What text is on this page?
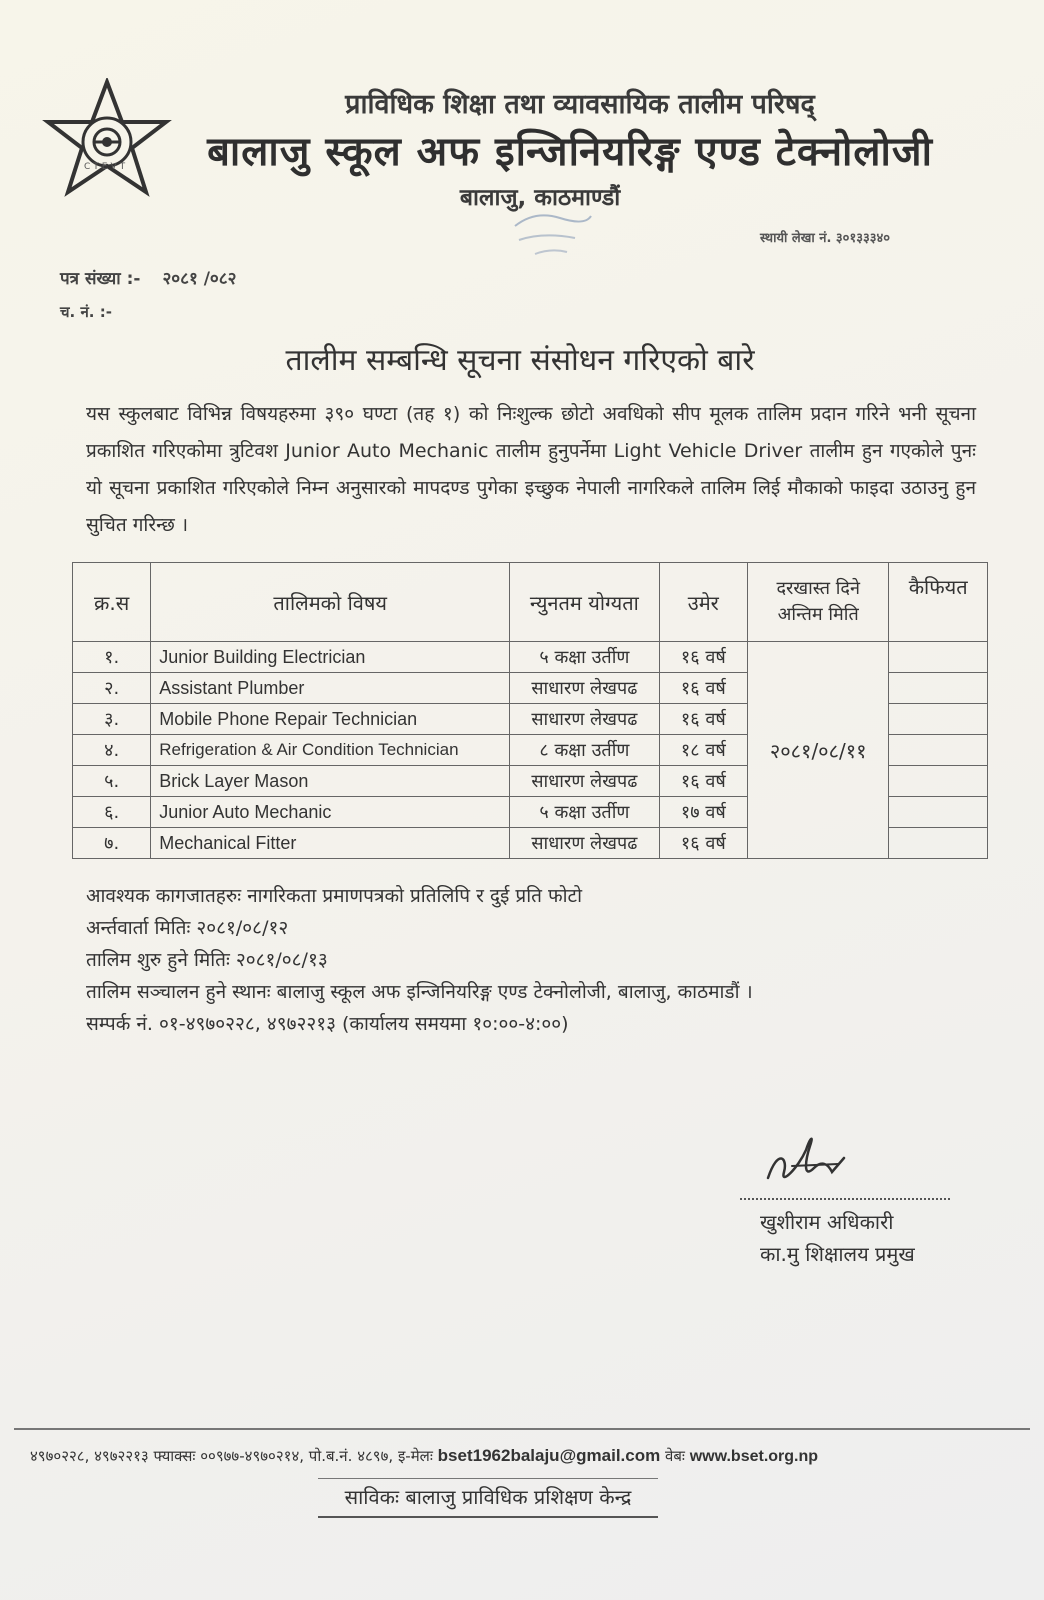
CTEVT
प्राविधिक शिक्षा तथा व्यावसायिक तालीम परिषद्
बालाजु स्कूल अफ इन्जिनियरिङ्ग एण्ड टेक्नोलोजी
बालाजु, काठमाण्डौं
स्थायी लेखा नं. ३०१३३३४०
पत्र संख्या :- २०८१ /०८२
च. नं. :-
तालीम सम्बन्धि सूचना संसोधन गरिएको बारे
यस स्कुलबाट विभिन्न विषयहरुमा ३९० घण्टा (तह १) को निःशुल्क छोटो अवधिको सीप मूलक तालिम प्रदान गरिने भनी सूचना प्रकाशित गरिएकोमा त्रुटिवश Junior Auto Mechanic तालीम हुनुपर्नेमा Light Vehicle Driver तालीम हुन गएकोले पुनः यो सूचना प्रकाशित गरिएकोले निम्न अनुसारको मापदण्ड पुगेका इच्छुक नेपाली नागरिकले तालिम लिई मौकाको फाइदा उठाउनु हुन सुचित गरिन्छ ।
क्र.स	तालिमको विषय	न्युनतम योग्यता	उमेर	दरखास्त दिने
अन्तिम मिति	कैफियत
१.	Junior Building Electrician	५ कक्षा उर्तीण	१६ वर्ष	२०८१/०८/११	
२.	Assistant Plumber	साधारण लेखपढ	१६ वर्ष		
३.	Mobile Phone Repair Technician	साधारण लेखपढ	१६ वर्ष		
४.	Refrigeration & Air Condition Technician	८ कक्षा उर्तीण	१८ वर्ष		
५.	Brick Layer Mason	साधारण लेखपढ	१६ वर्ष		
६.	Junior Auto Mechanic	५ कक्षा उर्तीण	१७ वर्ष		
७.	Mechanical Fitter	साधारण लेखपढ	१६ वर्ष		
आवश्यक कागजातहरुः नागरिकता प्रमाणपत्रको प्रतिलिपि र दुई प्रति फोटो
अर्न्तवार्ता मितिः २०८१/०८/१२
तालिम शुरु हुने मितिः २०८१/०८/१३
तालिम सञ्चालन हुने स्थानः बालाजु स्कूल अफ इन्जिनियरिङ्ग एण्ड टेक्नोलोजी, बालाजु, काठमाडौं ।
सम्पर्क नं. ०१-४९७०२२८, ४९७२२१३ (कार्यालय समयमा १०:००-४:००)
खुशीराम अधिकारी
का.मु शिक्षालय प्रमुख
४९७०२२८, ४९७२२१३ फ्याक्सः ००९७७-४९७०२१४, पो.ब.नं. ४८९७, इ-मेलः bset1962balaju@gmail.com वेबः www.bset.org.np
साविकः बालाजु प्राविधिक प्रशिक्षण केन्द्र
